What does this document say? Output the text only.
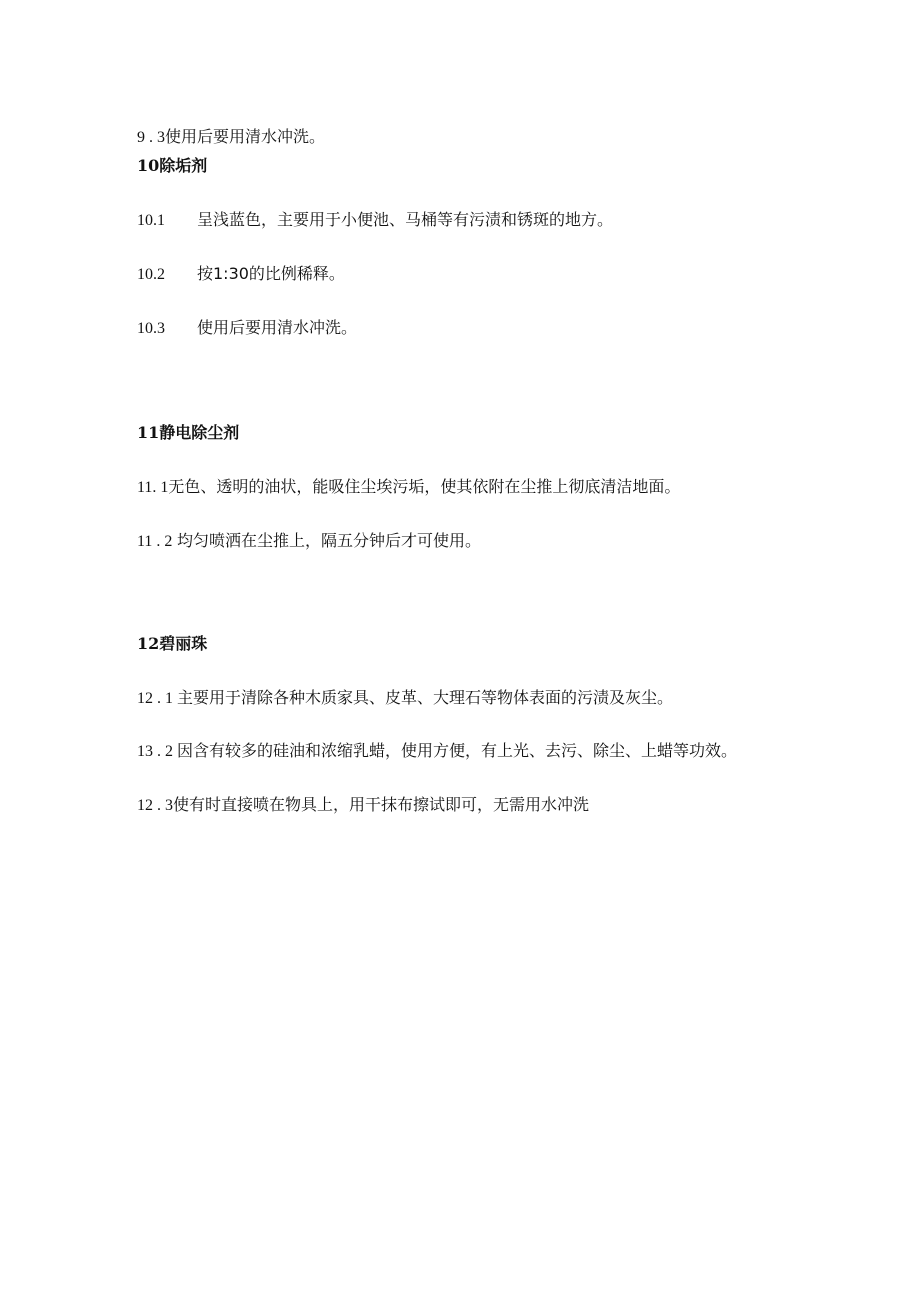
9 . 3使用后要用清水冲洗。
10除垢剂
10.1 呈浅蓝色，主要用于小便池、马桶等有污渍和锈斑的地方。
10.2 按1:30的比例稀释。
10.3 使用后要用清水冲洗。
11静电除尘剂
11. 1无色、透明的油状，能吸住尘埃污垢，使其依附在尘推上彻底清洁地面。
11 . 2 均匀喷洒在尘推上，隔五分钟后才可使用。
12碧丽珠
12 . 1 主要用于清除各种木质家具、皮革、大理石等物体表面的污渍及灰尘。
13 . 2 因含有较多的硅油和浓缩乳蜡，使用方便，有上光、去污、除尘、上蜡等功效。
12 . 3使有时直接喷在物具上，用干抹布擦试即可，无需用水冲洗
